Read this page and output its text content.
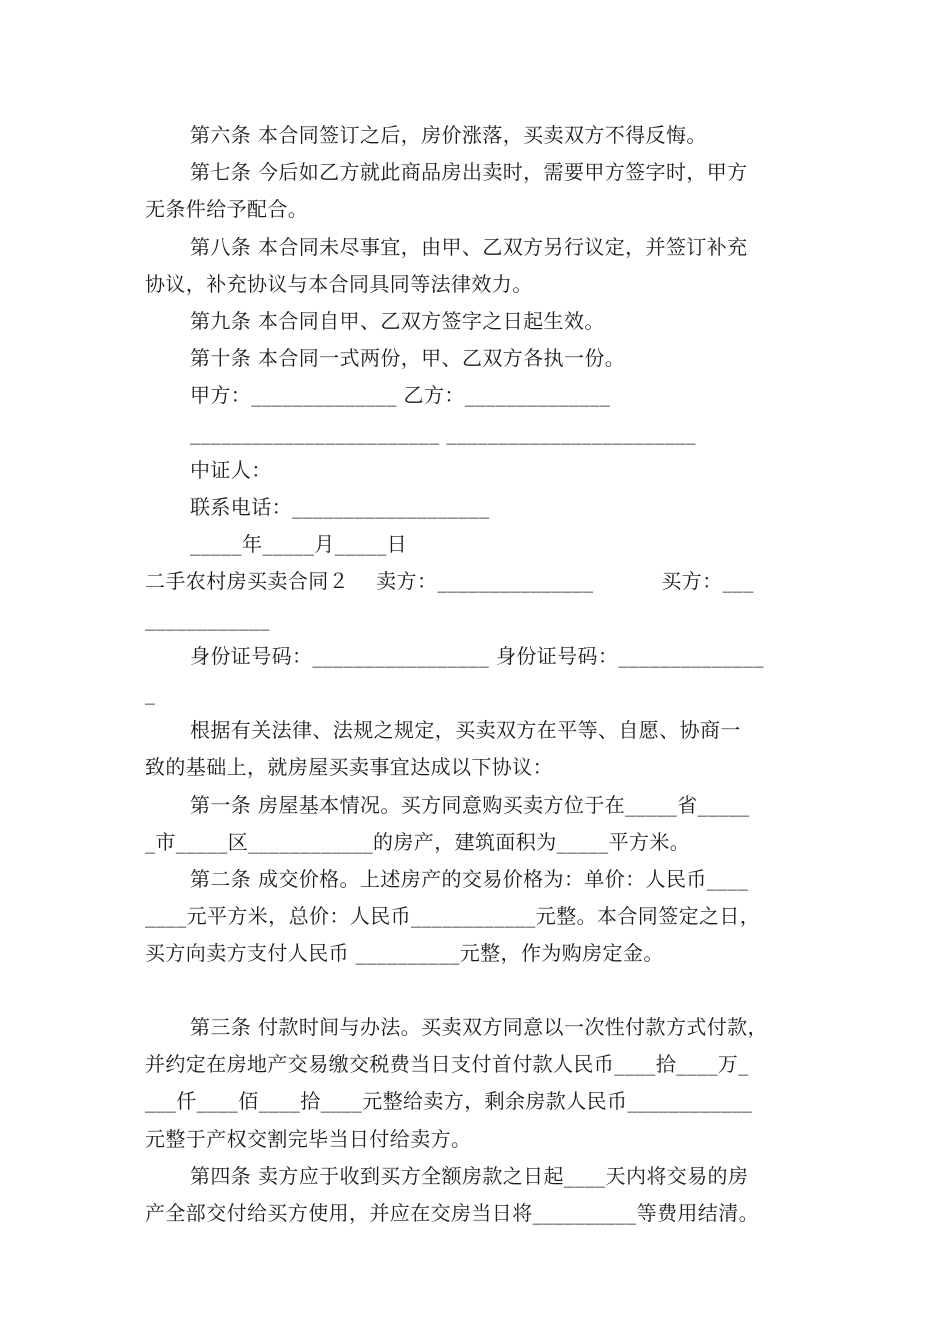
第六条 本合同签订之后，房价涨落，买卖双方不得反悔。
第七条 今后如乙方就此商品房出卖时，需要甲方签字时，甲方
无条件给予配合。
第八条 本合同未尽事宜，由甲、乙双方另行议定，并签订补充
协议，补充协议与本合同具同等法律效力。
第九条 本合同自甲、乙双方签字之日起生效。
第十条 本合同一式两份，甲、乙双方各执一份。
甲方：______________ 乙方：______________
________________________ ________________________
中证人：
联系电话：___________________
_____年_____月_____日
二手农村房买卖合同２　 卖方：_______________　　　 买方：___
____________
身份证号码：_________________ 身份证号码：______________
_
根据有关法律、法规之规定，买卖双方在平等、自愿、协商一
致的基础上，就房屋买卖事宜达成以下协议：
第一条 房屋基本情况。买方同意购买卖方位于在_____省_____
_市_____区____________的房产，建筑面积为_____平方米。
第二条 成交价格。上述房产的交易价格为：单价：人民币____
____元平方米，总价：人民币____________元整。本合同签定之日，
买方向卖方支付人民币 __________元整，作为购房定金。
第三条 付款时间与办法。买卖双方同意以一次性付款方式付款，
并约定在房地产交易缴交税费当日支付首付款人民币____拾____万_
___仟____佰____拾____元整给卖方，剩余房款人民币____________
元整于产权交割完毕当日付给卖方。
第四条 卖方应于收到买方全额房款之日起____天内将交易的房
产全部交付给买方使用，并应在交房当日将__________等费用结清。
